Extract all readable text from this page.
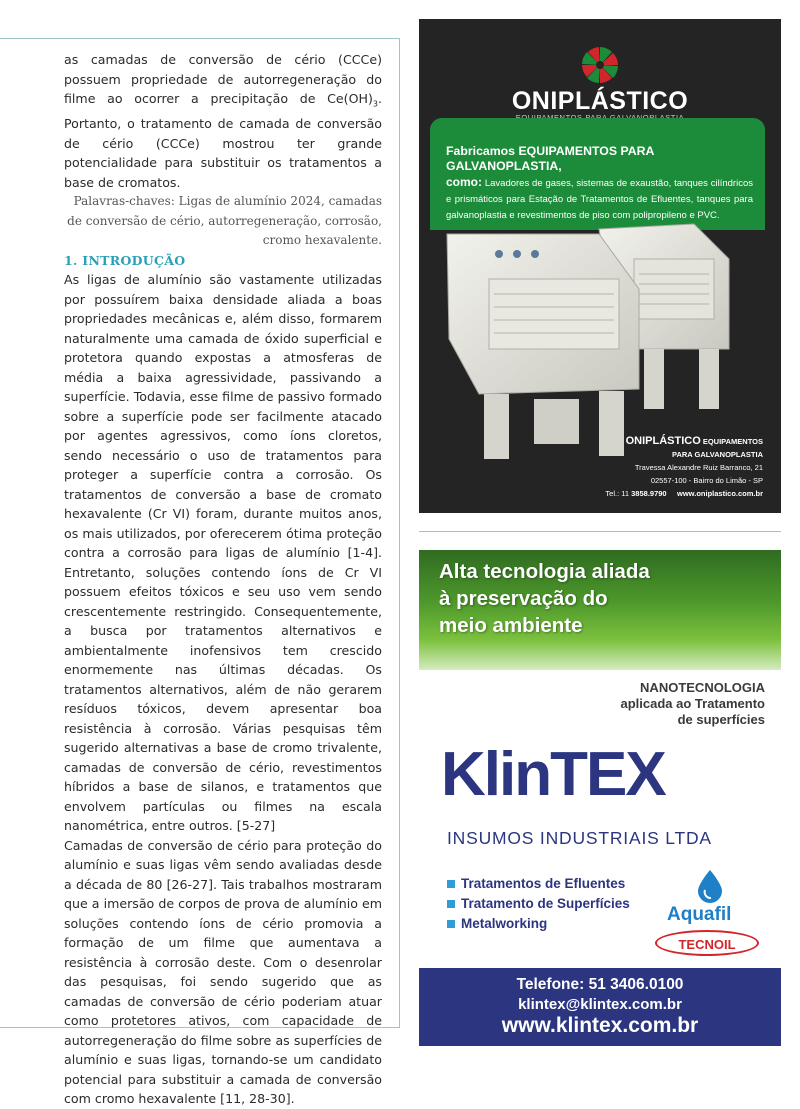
as camadas de conversão de cério (CCCe) possuem propriedade de autorregeneração do filme ao ocorrer a precipitação de $Ce(OH)_3$. Portanto, o tratamento de camada de conversão de cério (CCCe) mostrou ter grande potencialidade para substituir os tratamentos a base de cromatos.

Palavras-chaves: Ligas de alumínio 2024, camadas de conversão de cério, autorregeneração, corrosão, cromo hexavalente.

1. INTRODUÇÃO

As ligas de alumínio são vastamente utilizadas por possuírem baixa densidade aliada a boas propriedades mecânicas e, além disso, formarem naturalmente uma camada de óxido superficial e protetora quando expostas a atmosferas de média a baixa agressividade, passivando a superfície. Todavia, esse filme de passivo formado sobre a superfície pode ser facilmente atacado por agentes agressivos, como íons cloretos, sendo necessário o uso de tratamentos para proteger a superfície contra a corrosão. Os tratamentos de conversão a base de cromato hexavalente (Cr VI) foram, durante muitos anos, os mais utilizados, por oferecerem ótima proteção contra a corrosão para ligas de alumínio [1-4]. Entretanto, soluções contendo íons de Cr VI possuem efeitos tóxicos e seu uso vem sendo crescentemente restringido. Consequentemente, a busca por tratamentos alternativos e ambientalmente inofensivos tem crescido enormemente nas últimas décadas. Os tratamentos alternativos, além de não gerarem resíduos tóxicos, devem apresentar boa resistência à corrosão. Várias pesquisas têm sugerido alternativas a base de cromo trivalente, camadas de conversão de cério, revestimentos híbridos a base de silanos, e tratamentos que envolvem partículas ou filmes na escala nanométrica, entre outros. [5-27]

Camadas de conversão de cério para proteção do alumínio e suas ligas vêm sendo avaliadas desde a década de 80 [26-27]. Tais trabalhos mostraram que a imersão de corpos de prova de alumínio em soluções contendo íons de cério promovia a formação de um filme que aumentava a resistência à corrosão deste. Com o desenrolar das pesquisas, foi sendo sugerido que as camadas de conversão de cério poderiam atuar como protetores ativos, com capacidade de autorregeneração do filme sobre as superfícies de alumínio e suas ligas, tornando-se um candidato potencial para substituir a camada de conversão com cromo hexavalente [11, 28-30].

ONIPLÁSTICO
Fabricamos EQUIPAMENTOS PARA GALVANOPLASTIA,
como: Lavadores de gases, sistemas de exaustão, tanques cilíndricos e prismáticos para Estação de Tratamentos de Efluentes, tanques para galvanoplastia e revestimentos de piso com polipropileno e PVC.
ONIPLÁSTICO EQUIPAMENTOS
PARA GALVANOPLASTIA
Travessa Alexandre Ruiz Barranco, 21
02557-100 - Bairro do Limão - SP
Tel.: 11 3858.9790 www.oniplastico.com.br
Alta tecnologia aliada
à preservação do
meio ambiente
NANOTECNOLOGIA
aplicada ao Tratamento
de superfícies
KlinTEX
INSUMOS INDUSTRIAIS LTDA
Tratamentos de Efluentes
Tratamento de Superfícies
Metalworking	Aquafil
TECNOIL
Telefone: 51 3406.0100
klintex@klintex.com.br
www.klintex.com.br
